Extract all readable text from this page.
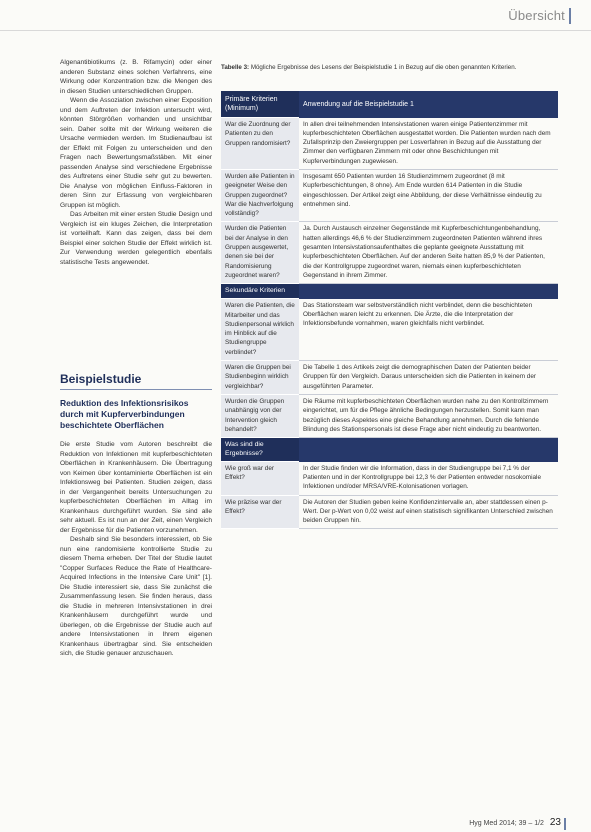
Übersicht

Algenantibiotikums (z. B. Rifamycin) oder einer anderen Substanz eines solchen Verfahrens, eine Wirkung oder Konzentration bzw. die Mengen des in diesen Studien unterschiedlichen Gruppen.

Wenn die Assoziation zwischen einer Exposition und dem Auftreten der Infektion untersucht wird, könnten Störgrößen vorhanden und unsichtbar sein. Daher sollte mit der Wirkung weiteren die Ursache vermieden werden. Im Studienaufbau ist der Effekt mit Folgen zu unterscheiden und den Fragen nach Bewertungsmaßstäben. Mit einer passenden Analyse sind verschiedene Ergebnisse des Auftretens einer Studie sehr gut zu bewerten. Die Analyse von möglichen Einfluss-Faktoren in deren Sinn zur Erfassung von vergleichbaren Gruppen ist möglich.

Das Arbeiten mit einer ersten Studie Design und Vergleich ist ein kluges Zeichen, die Interpretation ist vorteilhaft. Kann das zeigen, dass bei dem Beispiel einer solchen Studie der Effekt wirklich ist. Zur Verwendung werden gelegentlich ebenfalls statistische Tests angewendet.

Beispielstudie
Reduktion des Infektionsrisikos durch mit Kupferverbindungen beschichtete Oberflächen

Die erste Studie vom Autoren beschreibt die Reduktion von Infektionen mit kupferbeschichteten Oberflächen in Krankenhäusern. Die Übertragung von Keimen über kontaminierte Oberflächen ist ein Infektionsweg bei Patienten. Studien zeigen, dass in der Vergangenheit bereits Untersuchungen zu kupferbeschichteten Oberflächen im Alltag im Krankenhaus durchgeführt wurden. Sie sind alle sehr aktuell. Es ist nun an der Zeit, einen Vergleich der Ergebnisse für die Patienten vorzunehmen.

Deshalb sind Sie besonders interessiert, ob Sie nun eine randomisierte kontrollierte Studie zu diesem Thema erheben. Der Titel der Studie lautet "Copper Surfaces Reduce the Rate of Healthcare-Acquired Infections in the Intensive Care Unit" [1]. Die Studie interessiert sie, dass Sie zunächst die Zusammenfassung lesen. Sie finden heraus, dass die Studie in mehreren Intensivstationen in drei Krankenhäusern durchgeführt wurde und überlegen, ob die Ergebnisse der Studie auch auf andere Intensivstationen in Ihrem eigenen Krankenhaus übertragbar sind. Sie entscheiden sich, die Studie genauer anzuschauen.

Tabelle 3: Mögliche Ergebnisse des Lesens der Beispielstudie 1 in Bezug auf die oben genannten Kriterien.
Primäre Kriterien (Minimum)	Anwendung auf die Beispielstudie 1
War die Zuordnung der Patienten zu den Gruppen randomisiert?	In allen drei teilnehmenden Intensivstationen waren einige Patientenzimmer mit kupferbeschichteten Oberflächen ausgestattet worden. Die Patienten wurden nach dem Zufallsprinzip den Zweiergruppen per Losverfahren in Bezug auf die Ausstattung der Zimmer den verfügbaren Zimmern mit oder ohne Beschichtungen mit Kupferverbindungen zugewiesen.
Wurden alle Patienten in geeigneter Weise den Gruppen zugeordnet? War die Nachverfolgung vollständig?	Insgesamt 650 Patienten wurden 16 Studienzimmern zugeordnet (8 mit Kupferbeschichtungen, 8 ohne). Am Ende wurden 614 Patienten in die Studie eingeschlossen. Der Artikel zeigt eine Abbildung, der diese Verhältnisse eindeutig zu entnehmen sind.
Wurden die Patienten bei der Analyse in den Gruppen ausgewertet, denen sie bei der Randomisierung zugeordnet waren?	Ja. Durch Austausch einzelner Gegenstände mit Kupferbeschichtungenbehandlung, hatten allerdings 46,6 % der Studienzimmern zugeordneten Patienten während ihres gesamten Intensivstationsaufenthaltes die geplante geeignete Ausstattung mit kupferbeschichteten Oberflächen. Auf der anderen Seite hatten 85,9 % der Patienten, die der Kontrollgruppe zugeordnet waren, niemals einen kupferbeschichteten Gegenstand in ihrem Zimmer.
Sekundäre Kriterien	
Waren die Patienten, die Mitarbeiter und das Studienpersonal wirklich im Hinblick auf die Studiengruppe verblindet?	Das Stationsteam war selbstverständlich nicht verblindet, denn die beschichteten Oberflächen waren leicht zu erkennen. Die Ärzte, die die Interpretation der Infektionsbefunde vornahmen, waren gleichfalls nicht verblindet.
Waren die Gruppen bei Studienbeginn wirklich vergleichbar?	Die Tabelle 1 des Artikels zeigt die demographischen Daten der Patienten beider Gruppen für den Vergleich. Daraus unterscheiden sich die Patienten in keinem der ausgeführten Parameter.
Wurden die Gruppen unabhängig von der Intervention gleich behandelt?	Die Räume mit kupferbeschichteten Oberflächen wurden nahe zu den Kontrollzimmern eingerichtet, um für die Pflege ähnliche Bedingungen herzustellen. Somit kann man bezüglich dieses Aspektes eine gleiche Behandlung annehmen. Durch die fehlende Blindung des Stationspersonals ist diese Frage aber nicht eindeutig zu beantworten.
Was sind die Ergebnisse?	
Wie groß war der Effekt?	In der Studie finden wir die Information, dass in der Studiengruppe bei 7,1 % der Patienten und in der Kontrollgruppe bei 12,3 % der Patienten entweder nosokomiale Infektionen und/oder MRSA/VRE-Kolonisationen vorlagen.
Wie präzise war der Effekt?	Die Autoren der Studien geben keine Konfidenzintervalle an, aber stattdessen einen p-Wert. Der p-Wert von 0,02 weist auf einen statistisch signifikanten Unterschied zwischen beiden Gruppen hin.
Hyg Med 2014; 39 – 1/2 23
